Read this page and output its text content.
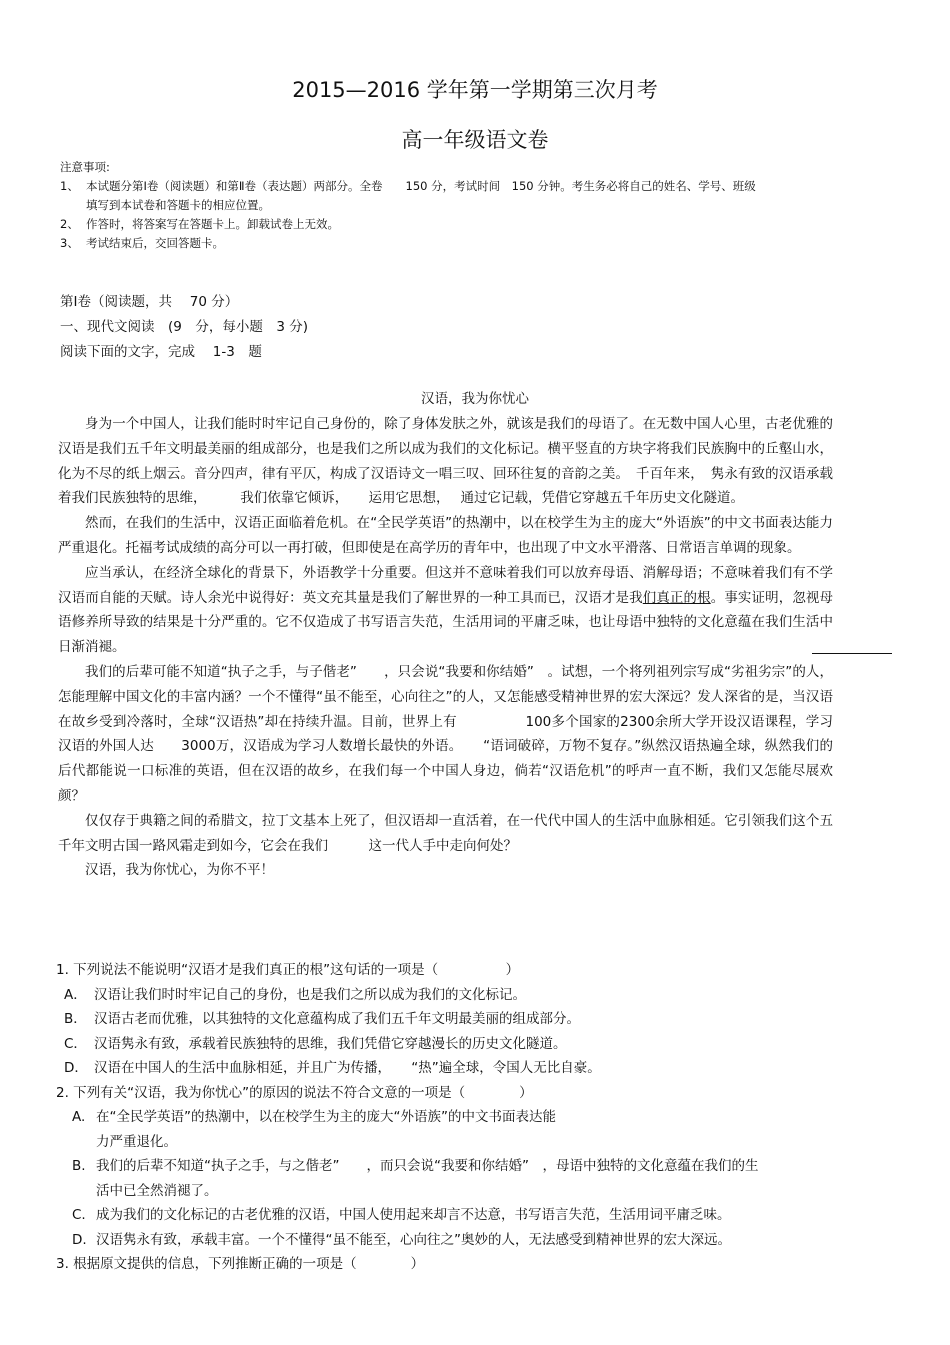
2015—2016 学年第一学期第三次月考
高一年级语文卷
注意事项:
1、 本试题分第Ⅰ卷（阅读题）和第Ⅱ卷（表达题）两部分。全卷　　150 分，考试时间　150 分钟。考生务必将自己的姓名、学号、班级
填写到本试卷和答题卡的相应位置。
2、 作答时，将答案写在答题卡上。卸载试卷上无效。
3、 考试结束后，交回答题卡。
第Ⅰ卷（阅读题，共　 70 分）
一、现代文阅读　(9　分，每小题　3 分)
阅读下面的文字，完成　 1-3　题
汉语，我为你忧心

身为一个中国人，让我们能时时牢记自己身份的，除了身体发肤之外，就该是我们的母语了。在无数中国人心里，古老优雅的汉语是我们五千年文明最美丽的组成部分，也是我们之所以成为我们的文化标记。横平竖直的方块字将我们民族胸中的丘壑山水，化为不尽的纸上烟云。音分四声，律有平仄，构成了汉语诗文一唱三叹、回环往复的音韵之美。　千百年来，　隽永有致的汉语承载着我们民族独特的思维，　　　我们依靠它倾诉，　　运用它思想，　 通过它记载，凭借它穿越五千年历史文化隧道。

然而，在我们的生活中，汉语正面临着危机。在“全民学英语”的热潮中，以在校学生为主的庞大“外语族”的中文书面表达能力严重退化。托福考试成绩的高分可以一再打破，但即使是在高学历的青年中，也出现了中文水平滑落、日常语言单调的现象。

应当承认，在经济全球化的背景下，外语教学十分重要。但这并不意味着我们可以放弃母语、消解母语；不意味着我们有不学汉语而自能的天赋。诗人余光中说得好：英文充其量是我们了解世界的一种工具而已，汉语才是我们真正的根。事实证明，忽视母语修养所导致的结果是十分严重的。它不仅造成了书写语言失范，生活用词的平庸乏味，也让母语中独特的文化意蕴在我们生活中日渐消褪。

我们的后辈可能不知道“执子之手，与子偕老”　　，只会说“我要和你结婚”　。试想，一个将列祖列宗写成“劣祖劣宗”的人，怎能理解中国文化的丰富内涵？一个不懂得“虽不能至，心向往之”的人，又怎能感受精神世界的宏大深远？发人深省的是，当汉语在故乡受到冷落时，全球“汉语热”却在持续升温。目前，世界上有　　　　　100多个国家的2300余所大学开设汉语课程，学习汉语的外国人达　　3000万，汉语成为学习人数增长最快的外语。　　“语词破碎，万物不复存。”纵然汉语热遍全球，纵然我们的后代都能说一口标准的英语，但在汉语的故乡，在我们每一个中国人身边，倘若“汉语危机”的呼声一直不断，我们又怎能尽展欢颜？

仅仅存于典籍之间的希腊文，拉丁文基本上死了，但汉语却一直活着，在一代代中国人的生活中血脉相延。它引领我们这个五千年文明古国一路风霜走到如今，它会在我们　　　这一代人手中走向何处？

汉语，我为你忧心，为你不平！

1. 下列说法不能说明“汉语才是我们真正的根”这句话的一项是（　　　　　）

A． 汉语让我们时时牢记自己的身份，也是我们之所以成为我们的文化标记。
B． 汉语古老而优雅，以其独特的文化意蕴构成了我们五千年文明最美丽的组成部分。
C． 汉语隽永有致，承载着民族独特的思维，我们凭借它穿越漫长的历史文化隧道。
D． 汉语在中国人的生活中血脉相延，并且广为传播，　　“热”遍全球，令国人无比自豪。

2. 下列有关“汉语，我为你忧心”的原因的说法不符合文意的一项是（　　　　）

A. 在“全民学英语”的热潮中，以在校学生为主的庞大“外语族”的中文书面表达能

力严重退化。

B. 我们的后辈不知道“执子之手，与之偕老”　　，而只会说“我要和你结婚”　，母语中独特的文化意蕴在我们的生

活中已全然消褪了。

C. 成为我们的文化标记的古老优雅的汉语，中国人使用起来却言不达意，书写语言失范，生活用词平庸乏味。
D. 汉语隽永有致，承载丰富。一个不懂得“虽不能至，心向往之”奥妙的人，无法感受到精神世界的宏大深远。

3. 根据原文提供的信息，下列推断正确的一项是（　　　　）
